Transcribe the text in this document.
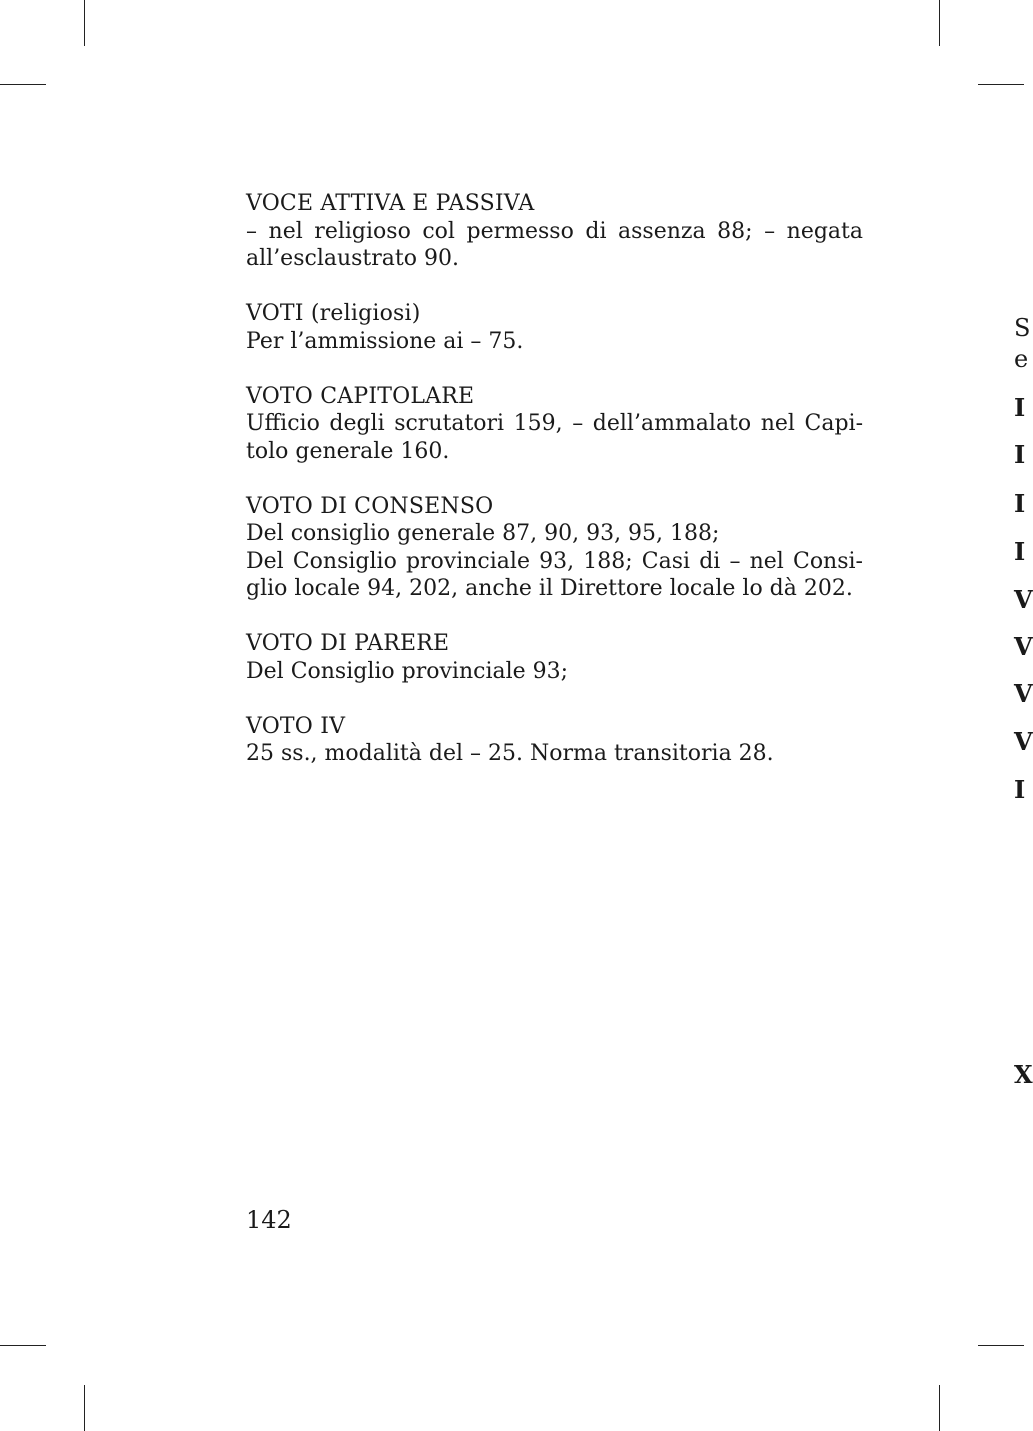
VOCE ATTIVA E PASSIVA
– nel religioso col permesso di assenza 88; – negata
all’esclaustrato 90.
VOTI (religiosi)
Per l’ammissione ai – 75.
VOTO CAPITOLARE
Ufficio degli scrutatori 159, – dell’ammalato nel Capi-
tolo generale 160.
VOTO DI CONSENSO
Del consiglio generale 87, 90, 93, 95, 188;
Del Consiglio provinciale 93, 188; Casi di – nel Consi-
glio locale 94, 202, anche il Direttore locale lo dà 202.
VOTO DI PARERE
Del Consiglio provinciale 93;
VOTO IV
25 ss., modalità del – 25. Norma transitoria 28.
142
S
e
I
I
I
I
V
V
V
V
I
X
